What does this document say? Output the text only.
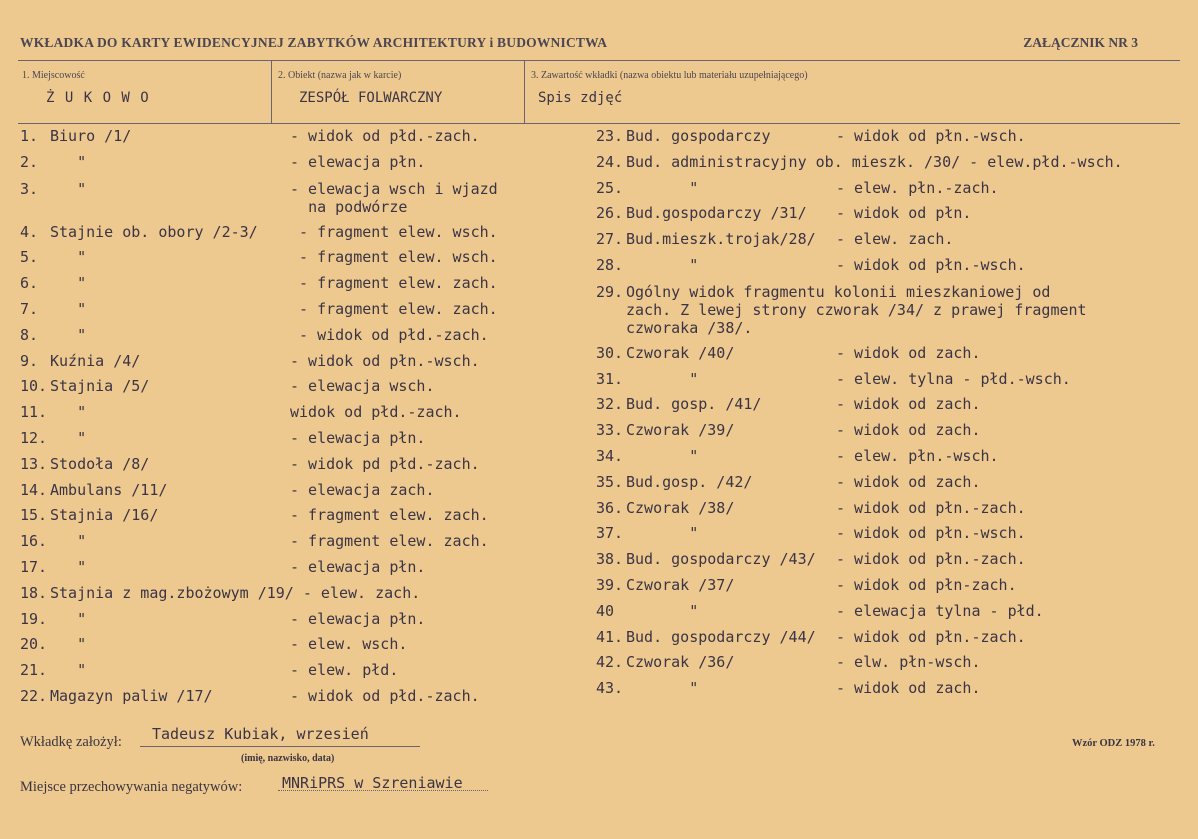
WKŁADKA DO KARTY EWIDENCYJNEJ ZABYTKÓW ARCHITEKTURY i BUDOWNICTWA	ZAŁĄCZNIK NR 3
1. Miejscowość
Ż U K O W O
2. Obiekt (nazwa jak w karcie)
ZESPÓŁ FOLWARCZNY
3. Zawartość wkładki (nazwa obiektu lub materiału uzupełniającego)
Spis zdjęć
1. Biuro /1/	- widok od płd.-zach.
2. "	- elewacja płn.
3. "	- elewacja wsch i wjazd
na podwórze
4. Stajnie ob. obory /2-3/	- fragment elew. wsch.
5. "	- fragment elew. wsch.
6. "	- fragment elew. zach.
7. "	- fragment elew. zach.
8. "	- widok od płd.-zach.
9. Kuźnia /4/	- widok od płn.-wsch.
10. Stajnia /5/	- elewacja wsch.
11. "	widok od płd.-zach.
12. "	- elewacja płn.
13. Stodoła /8/	- widok pd płd.-zach.
14. Ambulans /11/	- elewacja zach.
15. Stajnia /16/	- fragment elew. zach.
16. "	- fragment elew. zach.
17. "	- elewacja płn.
18. Stajnia z mag.zbożowym /19/ - elew. zach.
19. "	- elewacja płn.
20. "	- elew. wsch.
21. "	- elew. płd.
22. Magazyn paliw /17/	- widok od płd.-zach.
23. Bud. gospodarczy	- widok od płn.-wsch.
24. Bud. administracyjny ob. mieszk. /30/ - elew.płd.-wsch.
25. "	- elew. płn.-zach.
26. Bud.gospodarczy /31/	- widok od płn.
27. Bud.mieszk.trojak/28/	- elew. zach.
28. "	- widok od płn.-wsch.
29. Ogólny widok fragmentu kolonii mieszkaniowej od
zach. Z lewej strony czworak /34/ z prawej fragment
czworaka /38/.
30. Czworak /40/	- widok od zach.
31. "	- elew. tylna - płd.-wsch.
32. Bud. gosp. /41/	- widok od zach.
33. Czworak /39/	- widok od zach.
34. "	- elew. płn.-wsch.
35. Bud.gosp. /42/	- widok od zach.
36. Czworak /38/	- widok od płn.-zach.
37. "	- widok od płn.-wsch.
38. Bud. gospodarczy /43/	- widok od płn.-zach.
39. Czworak /37/	- widok od płn-zach.
40 "	- elewacja tylna - płd.
41. Bud. gospodarczy /44/	- widok od płn.-zach.
42. Czworak /36/	- elw. płn-wsch.
43. "	- widok od zach.
Wkładkę założył: Tadeusz Kubiak, wrzesień
(imię, nazwisko, data)
Wzór ODZ 1978 r.
Miejsce przechowywania negatywów:	MNRiPRS w Szreniawie
